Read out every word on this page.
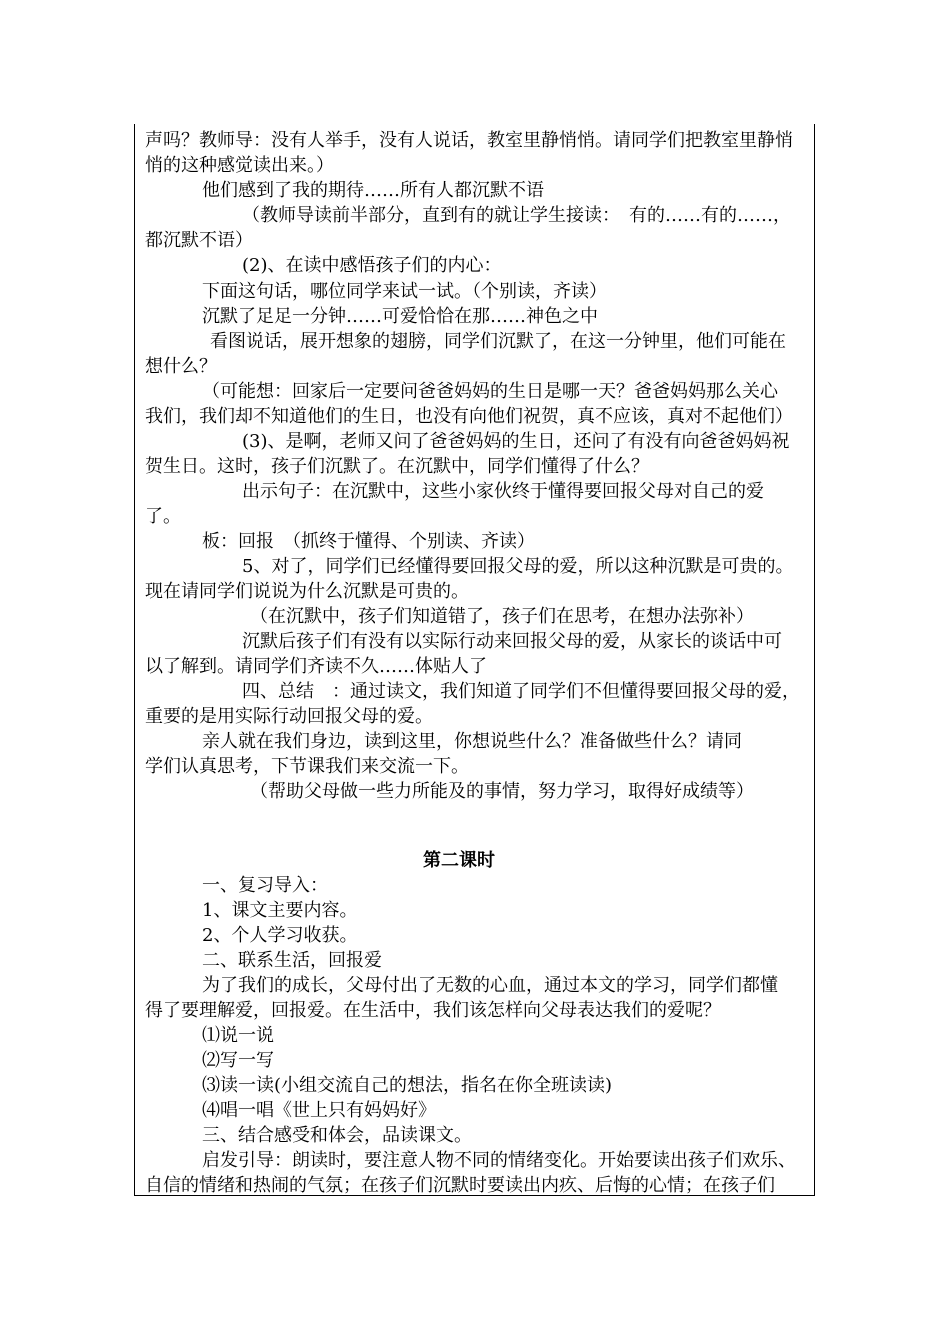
声吗？教师导：没有人举手，没有人说话，教室里静悄悄。请同学们把教室里静悄
悄的这种感觉读出来。）
他们感到了我的期待……所有人都沉默不语
（教师导读前半部分，直到有的就让学生接读：　有的……有的……，
都沉默不语）
(2)、在读中感悟孩子们的内心：
下面这句话，哪位同学来试一试。（个别读，齐读）
沉默了足足一分钟……可爱恰恰在那……神色之中
看图说话，展开想象的翅膀，同学们沉默了，在这一分钟里，他们可能在
想什么？
（可能想：回家后一定要问爸爸妈妈的生日是哪一天？爸爸妈妈那么关心
我们，我们却不知道他们的生日，也没有向他们祝贺，真不应该，真对不起他们）
(3)、是啊，老师又问了爸爸妈妈的生日，还问了有没有向爸爸妈妈祝
贺生日。这时，孩子们沉默了。在沉默中，同学们懂得了什么？
出示句子：在沉默中，这些小家伙终于懂得要回报父母对自己的爱
了。
板：回报　（抓终于懂得、个别读、齐读）
5、对了，同学们已经懂得要回报父母的爱，所以这种沉默是可贵的。
现在请同学们说说为什么沉默是可贵的。
（在沉默中，孩子们知道错了，孩子们在思考，在想办法弥补）
沉默后孩子们有没有以实际行动来回报父母的爱，从家长的谈话中可
以了解到。请同学们齐读不久……体贴人了
四、总结　：通过读文，我们知道了同学们不但懂得要回报父母的爱，
重要的是用实际行动回报父母的爱。
亲人就在我们身边，读到这里，你想说些什么？准备做些什么？请同
学们认真思考，下节课我们来交流一下。
（帮助父母做一些力所能及的事情，努力学习，取得好成绩等）
第二课时
一、复习导入：
1、课文主要内容。
2、个人学习收获。
二、联系生活，回报爱
为了我们的成长，父母付出了无数的心血，通过本文的学习，同学们都懂
得了要理解爱，回报爱。在生活中，我们该怎样向父母表达我们的爱呢？
⑴说一说
⑵写一写
⑶读一读(小组交流自己的想法，指名在你全班读读)
⑷唱一唱《世上只有妈妈好》
三、结合感受和体会，品读课文。
启发引导：朗读时，要注意人物不同的情绪变化。开始要读出孩子们欢乐、
自信的情绪和热闹的气氛；在孩子们沉默时要读出内疚、后悔的心情；在孩子们
